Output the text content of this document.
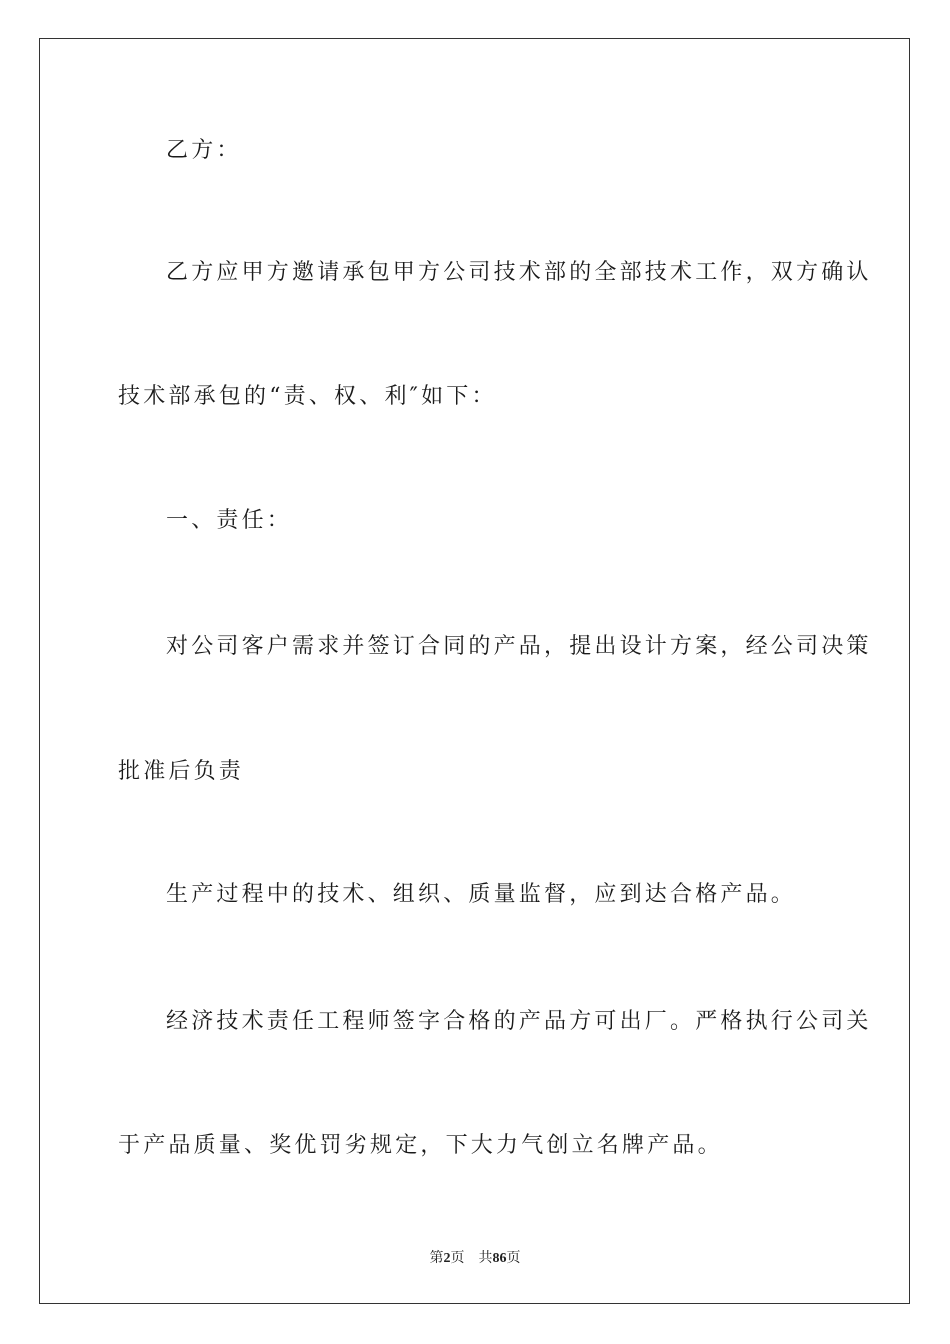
乙方：
乙方应甲方邀请承包甲方公司技术部的全部技术工作，双方确认
技术部承包的“责、权、利″如下：
一、责任：
对公司客户需求并签订合同的产品，提出设计方案，经公司决策
批准后负责
生产过程中的技术、组织、质量监督，应到达合格产品。
经济技术责任工程师签字合格的产品方可出厂。严格执行公司关
于产品质量、奖优罚劣规定，下大力气创立名牌产品。
第2页 共86页
